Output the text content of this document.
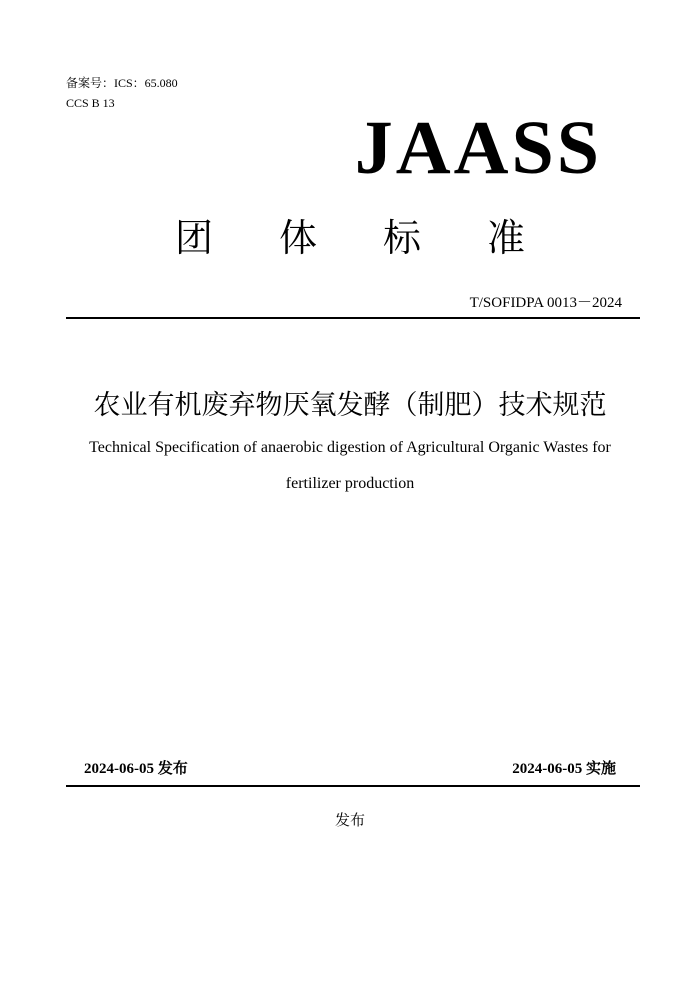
备案号：ICS：65.080
CCS B 13
JAASS
团 体 标 准
T/SOFIDPA 0013－2024
农业有机废弃物厌氧发酵（制肥）技术规范
Technical Specification of anaerobic digestion of Agricultural Organic Wastes for fertilizer production
2024-06-05 发布	2024-06-05 实施
发布
